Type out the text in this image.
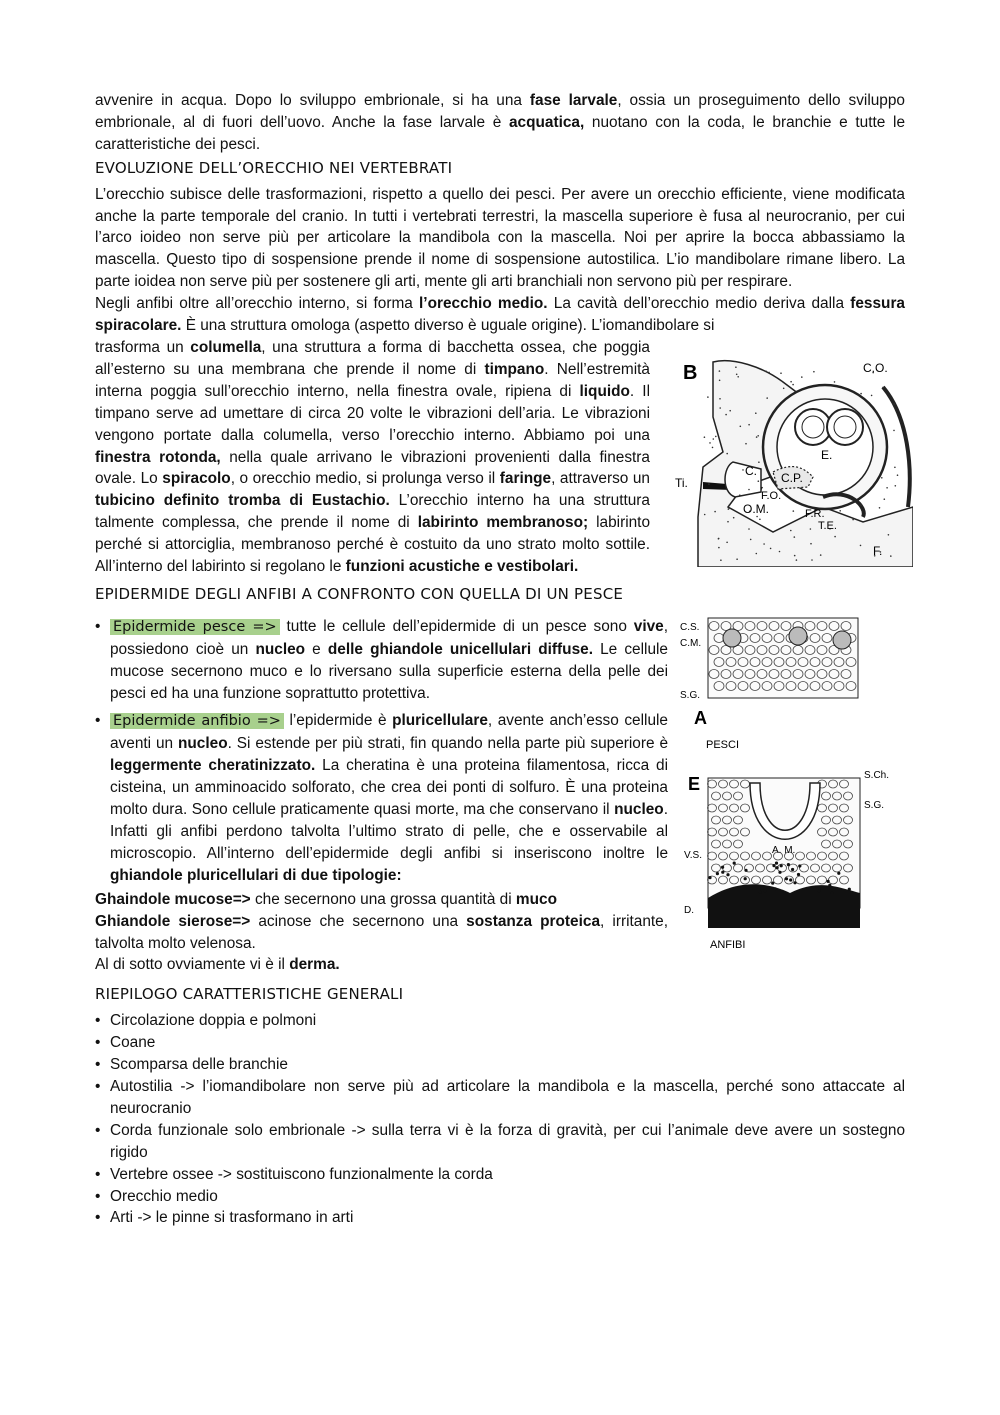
avvenire in acqua. Dopo lo sviluppo embrionale, si ha una fase larvale, ossia un proseguimento dello sviluppo embrionale, al di fuori dell’uovo. Anche la fase larvale è acquatica, nuotano con la coda, le branchie e tutte le caratteristiche dei pesci.

EVOLUZIONE DELL’ORECCHIO NEI VERTEBRATI

L’orecchio subisce delle trasformazioni, rispetto a quello dei pesci. Per avere un orecchio efficiente, viene modificata anche la parte temporale del cranio. In tutti i vertebrati terrestri, la mascella superiore è fusa al neurocranio, per cui l’arco ioideo non serve più per articolare la mandibola con la mascella. Noi per aprire la bocca abbassiamo la mascella. Questo tipo di sospensione prende il nome di sospensione autostilica. L’io mandibolare rimane libero. La parte ioidea non serve più per sostenere gli arti, mente gli arti branchiali non servono più per respirare.

Negli anfibi oltre all’orecchio interno, si forma l’orecchio medio. La cavità dell’orecchio medio deriva dalla fessura spiracolare. È una struttura omologa (aspetto diverso è uguale origine). L’iomandibolare si

trasforma un columella, una struttura a forma di bacchetta ossea, che poggia all’esterno su una membrana che prende il nome di timpano. Nell’estremità interna poggia sull’orecchio interno, nella finestra ovale, ripiena di liquido. Il timpano serve ad umettare di circa 20 volte le vibrazioni dell’aria. Le vibrazioni vengono portate dalla columella, verso l’orecchio interno. Abbiamo poi una finestra rotonda, nella quale arrivano le vibrazioni provenienti dalla finestra ovale. Lo spiracolo, o orecchio medio, si prolunga verso il faringe, attraverso un tubicino definito tromba di Eustachio. L’orecchio interno ha una struttura talmente complessa, che prende il nome di labirinto membranoso; labirinto perché si attorciglia, membranoso perché è costuito da uno strato molto sottile. All’interno del labirinto si regolano le funzioni acustiche e vestibolari.

B	C.O.
E.
C. C.P.
Ti.
F.O.
O.M.	F.R.
T.E.
F.
EPIDERMIDE DEGLI ANFIBI A CONFRONTO CON QUELLA DI UN PESCE
C.S.
C.M.
S.G.
A
PESCI
E	S.Ch.
S.G.
A. M.
V.S.
D.
ANFIBI
• Epidermide pesce => tutte le cellule dell’epidermide di un pesce sono vive, possiedono cioè un nucleo e delle ghiandole unicellulari diffuse. Le cellule mucose secernono muco e lo riversano sulla superficie esterna della pelle dei pesci ed ha una funzione soprattutto protettiva.
• Epidermide anfibio => l’epidermide è pluricellulare, avente anch’esso cellule aventi un nucleo. Si estende per più strati, fin quando nella parte più superiore è leggermente cheratinizzato. La cheratina è una proteina filamentosa, ricca di cisteina, un amminoacido solforato, che crea dei ponti di solfuro. È una proteina molto dura. Sono cellule praticamente quasi morte, ma che conservano il nucleo. Infatti gli anfibi perdono talvolta l’ultimo strato di pelle, che e osservabile al microscopio. All’interno dell’epidermide degli anfibi si inseriscono inoltre le ghiandole pluricellulari di due tipologie:

Ghaindole mucose=> che secernono una grossa quantità di muco

Ghiandole sierose=> acinose che secernono una sostanza proteica, irritante, talvolta molto velenosa.

Al di sotto ovviamente vi è il derma.

RIEPILOGO CARATTERISTICHE GENERALI
• Circolazione doppia e polmoni
• Coane
• Scomparsa delle branchie
• Autostilia -> l’iomandibolare non serve più ad articolare la mandibola e la mascella, perché sono attaccate al neurocranio
• Corda funzionale solo embrionale -> sulla terra vi è la forza di gravità, per cui l’animale deve avere un sostegno rigido
• Vertebre ossee -> sostituiscono funzionalmente la corda
• Orecchio medio
• Arti -> le pinne si trasformano in arti
